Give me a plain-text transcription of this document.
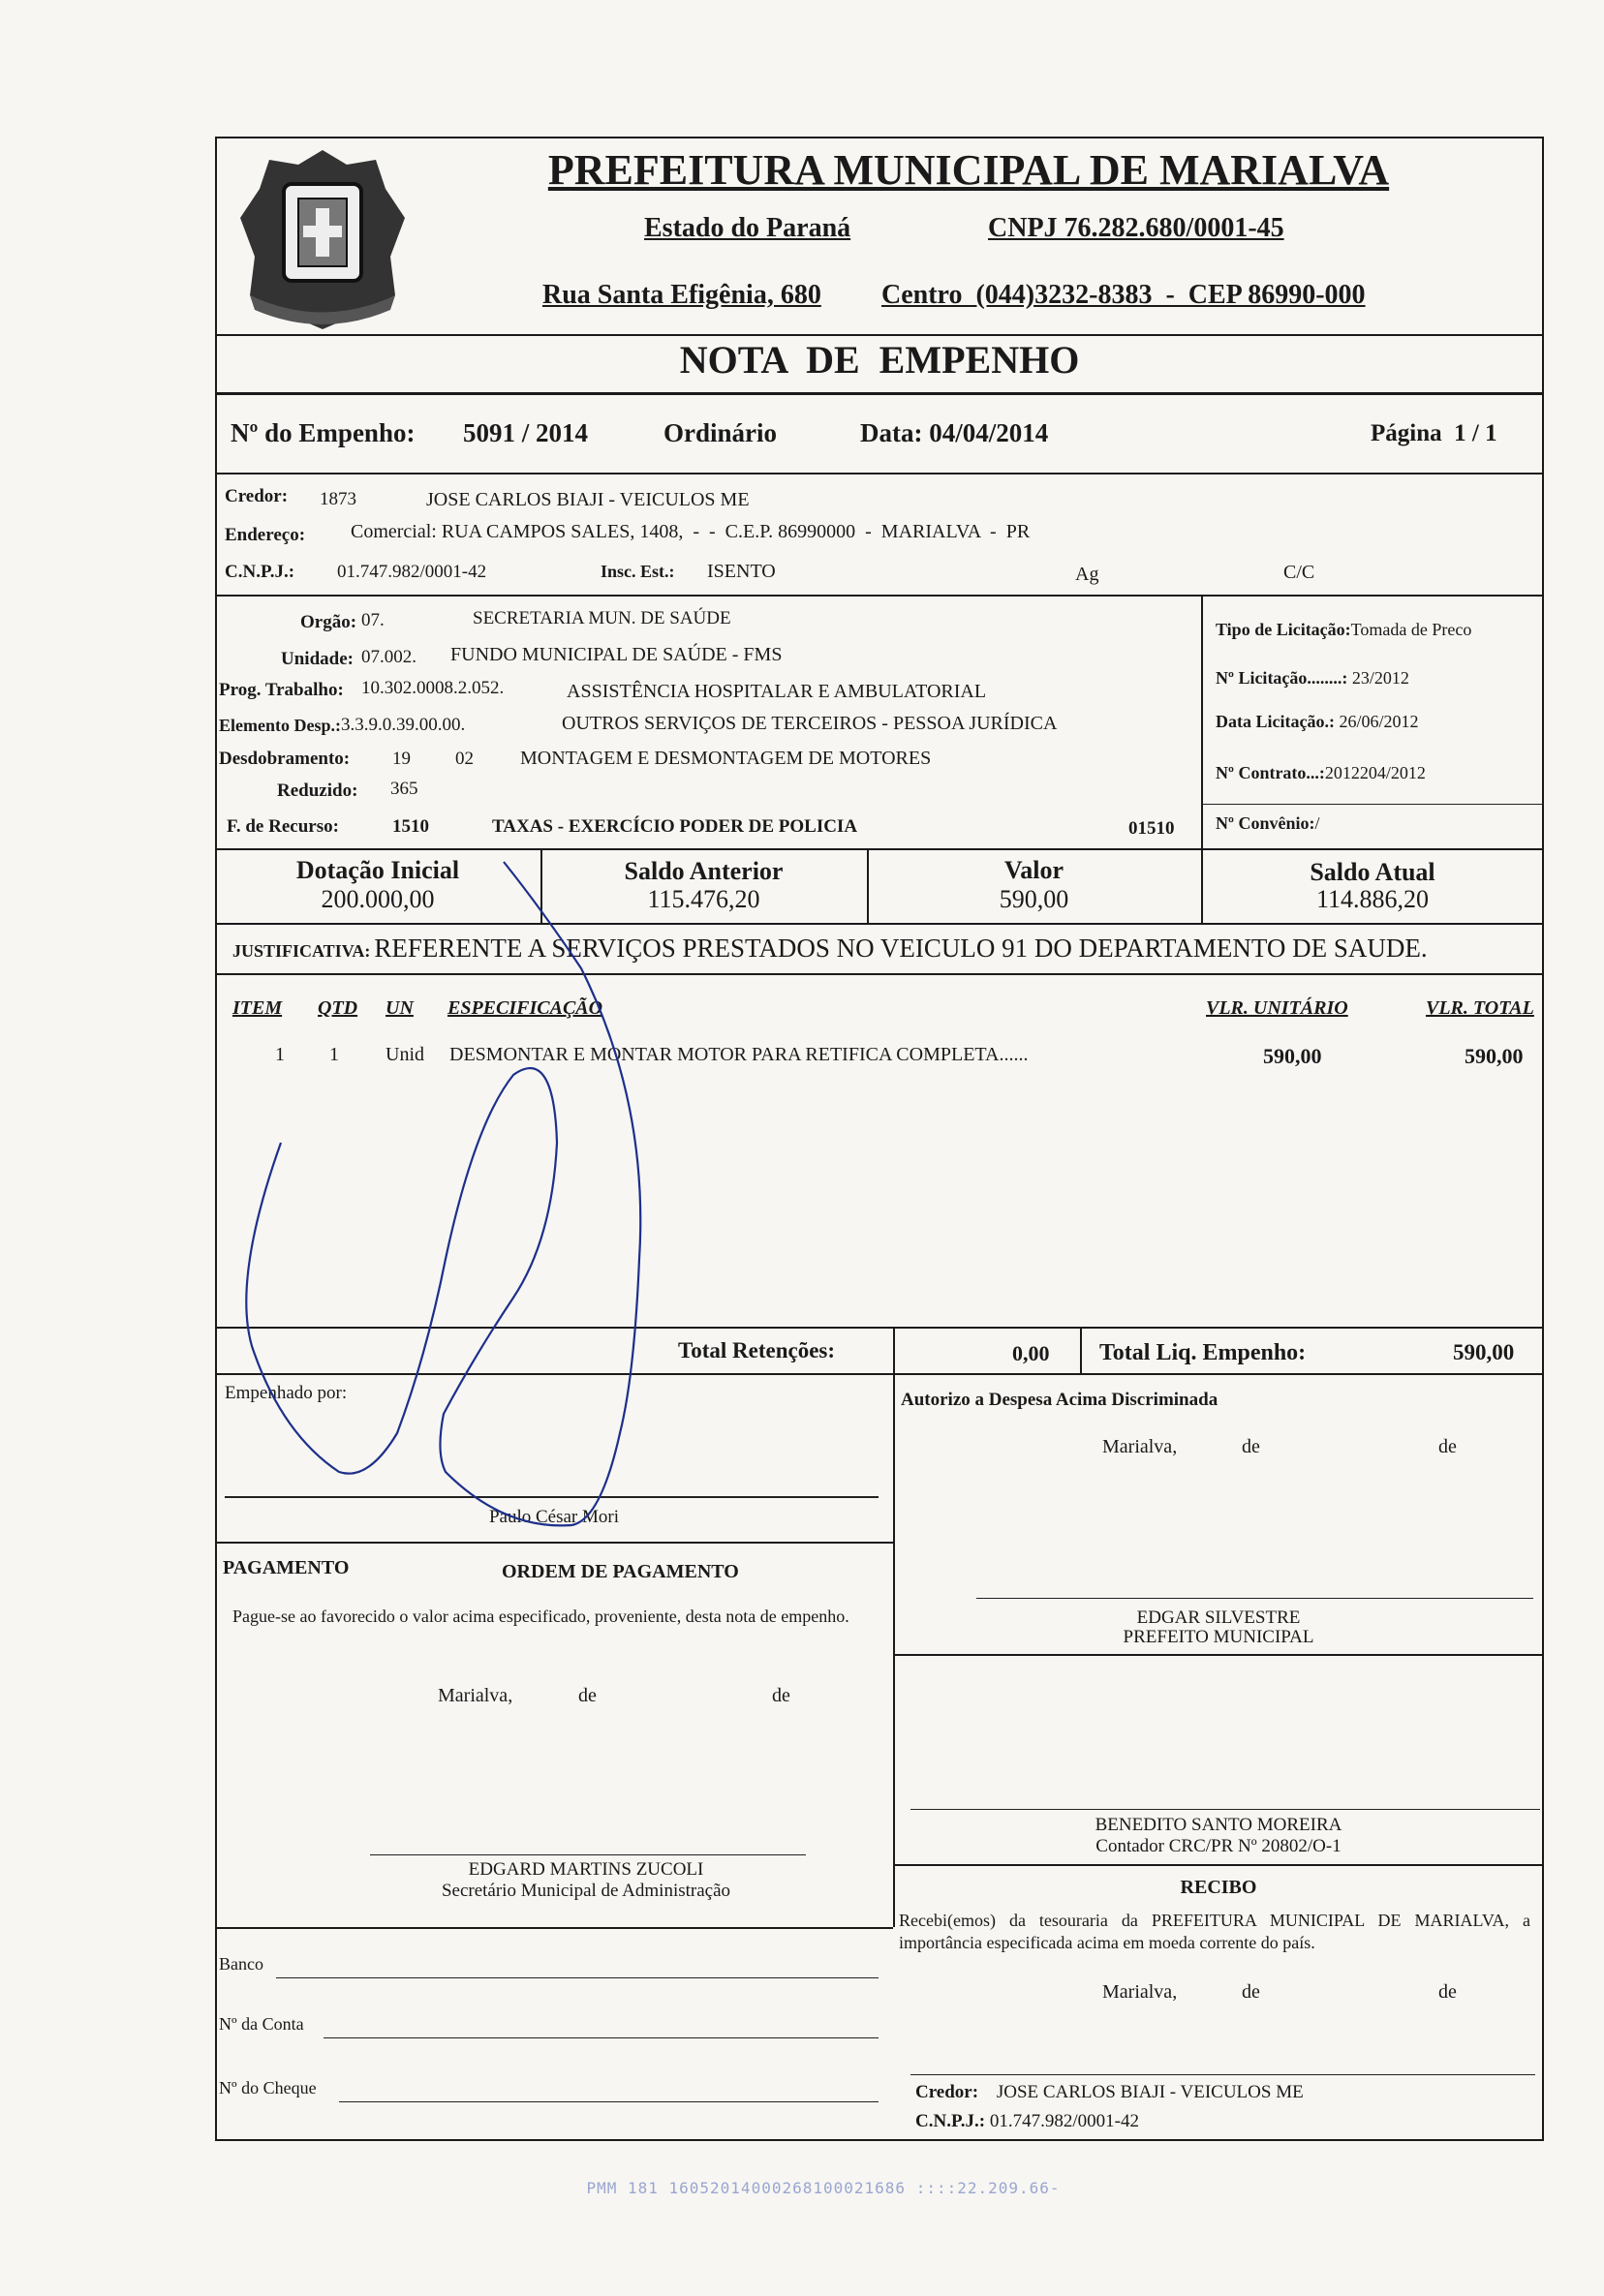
PREFEITURA MUNICIPAL DE MARIALVA
Estado do Paraná	CNPJ 76.282.680/0001-45
Rua Santa Efigênia, 680 Centro  (044)3232-8383  -  CEP 86990-000
NOTA  DE  EMPENHO
Nº do Empenho: 5091 / 2014	Ordinário	Data: 04/04/2014	Página  1 / 1
Credor: 1873	JOSE CARLOS BIAJI - VEICULOS ME
Endereço: Comercial: RUA CAMPOS SALES, 1408,  -  -  C.E.P. 86990000  -  MARIALVA  -  PR
C.N.P.J.: 01.747.982/0001-42	Insc. Est.: ISENTO	Ag	C/C
Orgão: 07.	SECRETARIA MUN. DE SAÚDE
Unidade: 07.002. FUNDO MUNICIPAL DE SAÚDE - FMS
Prog. Trabalho: 10.302.0008.2.052.	ASSISTÊNCIA HOSPITALAR E AMBULATORIAL
Elemento Desp.: 3.3.9.0.39.00.00.	OUTROS SERVIÇOS DE TERCEIROS - PESSOA JURÍDICA
Desdobramento: 19 02 MONTAGEM E DESMONTAGEM DE MOTORES
Reduzido: 365
F. de Recurso:	1510	TAXAS - EXERCÍCIO PODER DE POLICIA	01510
Tipo de Licitação:Tomada de Preco
Nº Licitação........: 23/2012
Data Licitação.: 26/06/2012
Nº Contrato...:2012204/2012
Nº Convênio:/
Dotação Inicial
200.000,00
Saldo Anterior
115.476,20
Valor
590,00
Saldo Atual
114.886,20
JUSTIFICATIVA: REFERENTE A SERVIÇOS PRESTADOS NO VEICULO 91 DO DEPARTAMENTO DE SAUDE.
ITEM QTD UN ESPECIFICAÇÃO	VLR. UNITÁRIO	VLR. TOTAL
1 1 Unid DESMONTAR E MONTAR MOTOR PARA RETIFICA COMPLETA......	590,00	590,00
Total Retenções:	0,00 Total Liq. Empenho:	590,00
Empenhado por:
Paulo César Mori
Autorizo a Despesa Acima Discriminada
Marialva,	de	de
PAGAMENTO	ORDEM DE PAGAMENTO
Pague-se ao favorecido o valor acima especificado, proveniente, desta nota de empenho.
Marialva,	de	de
EDGARD MARTINS ZUCOLI
Secretário Municipal de Administração
Banco
Nº da Conta
Nº do Cheque
EDGAR SILVESTRE
PREFEITO MUNICIPAL
BENEDITO SANTO MOREIRA
Contador CRC/PR Nº 20802/O-1
RECIBO
Recebi(emos) da tesouraria da PREFEITURA MUNICIPAL DE MARIALVA, a importância especificada acima em moeda corrente do país.
Marialva,	de	de
Credor: JOSE CARLOS BIAJI - VEICULOS ME
C.N.P.J.: 01.747.982/0001-42
PMM 181 16052014000268100021686 ::::22.209.66-
